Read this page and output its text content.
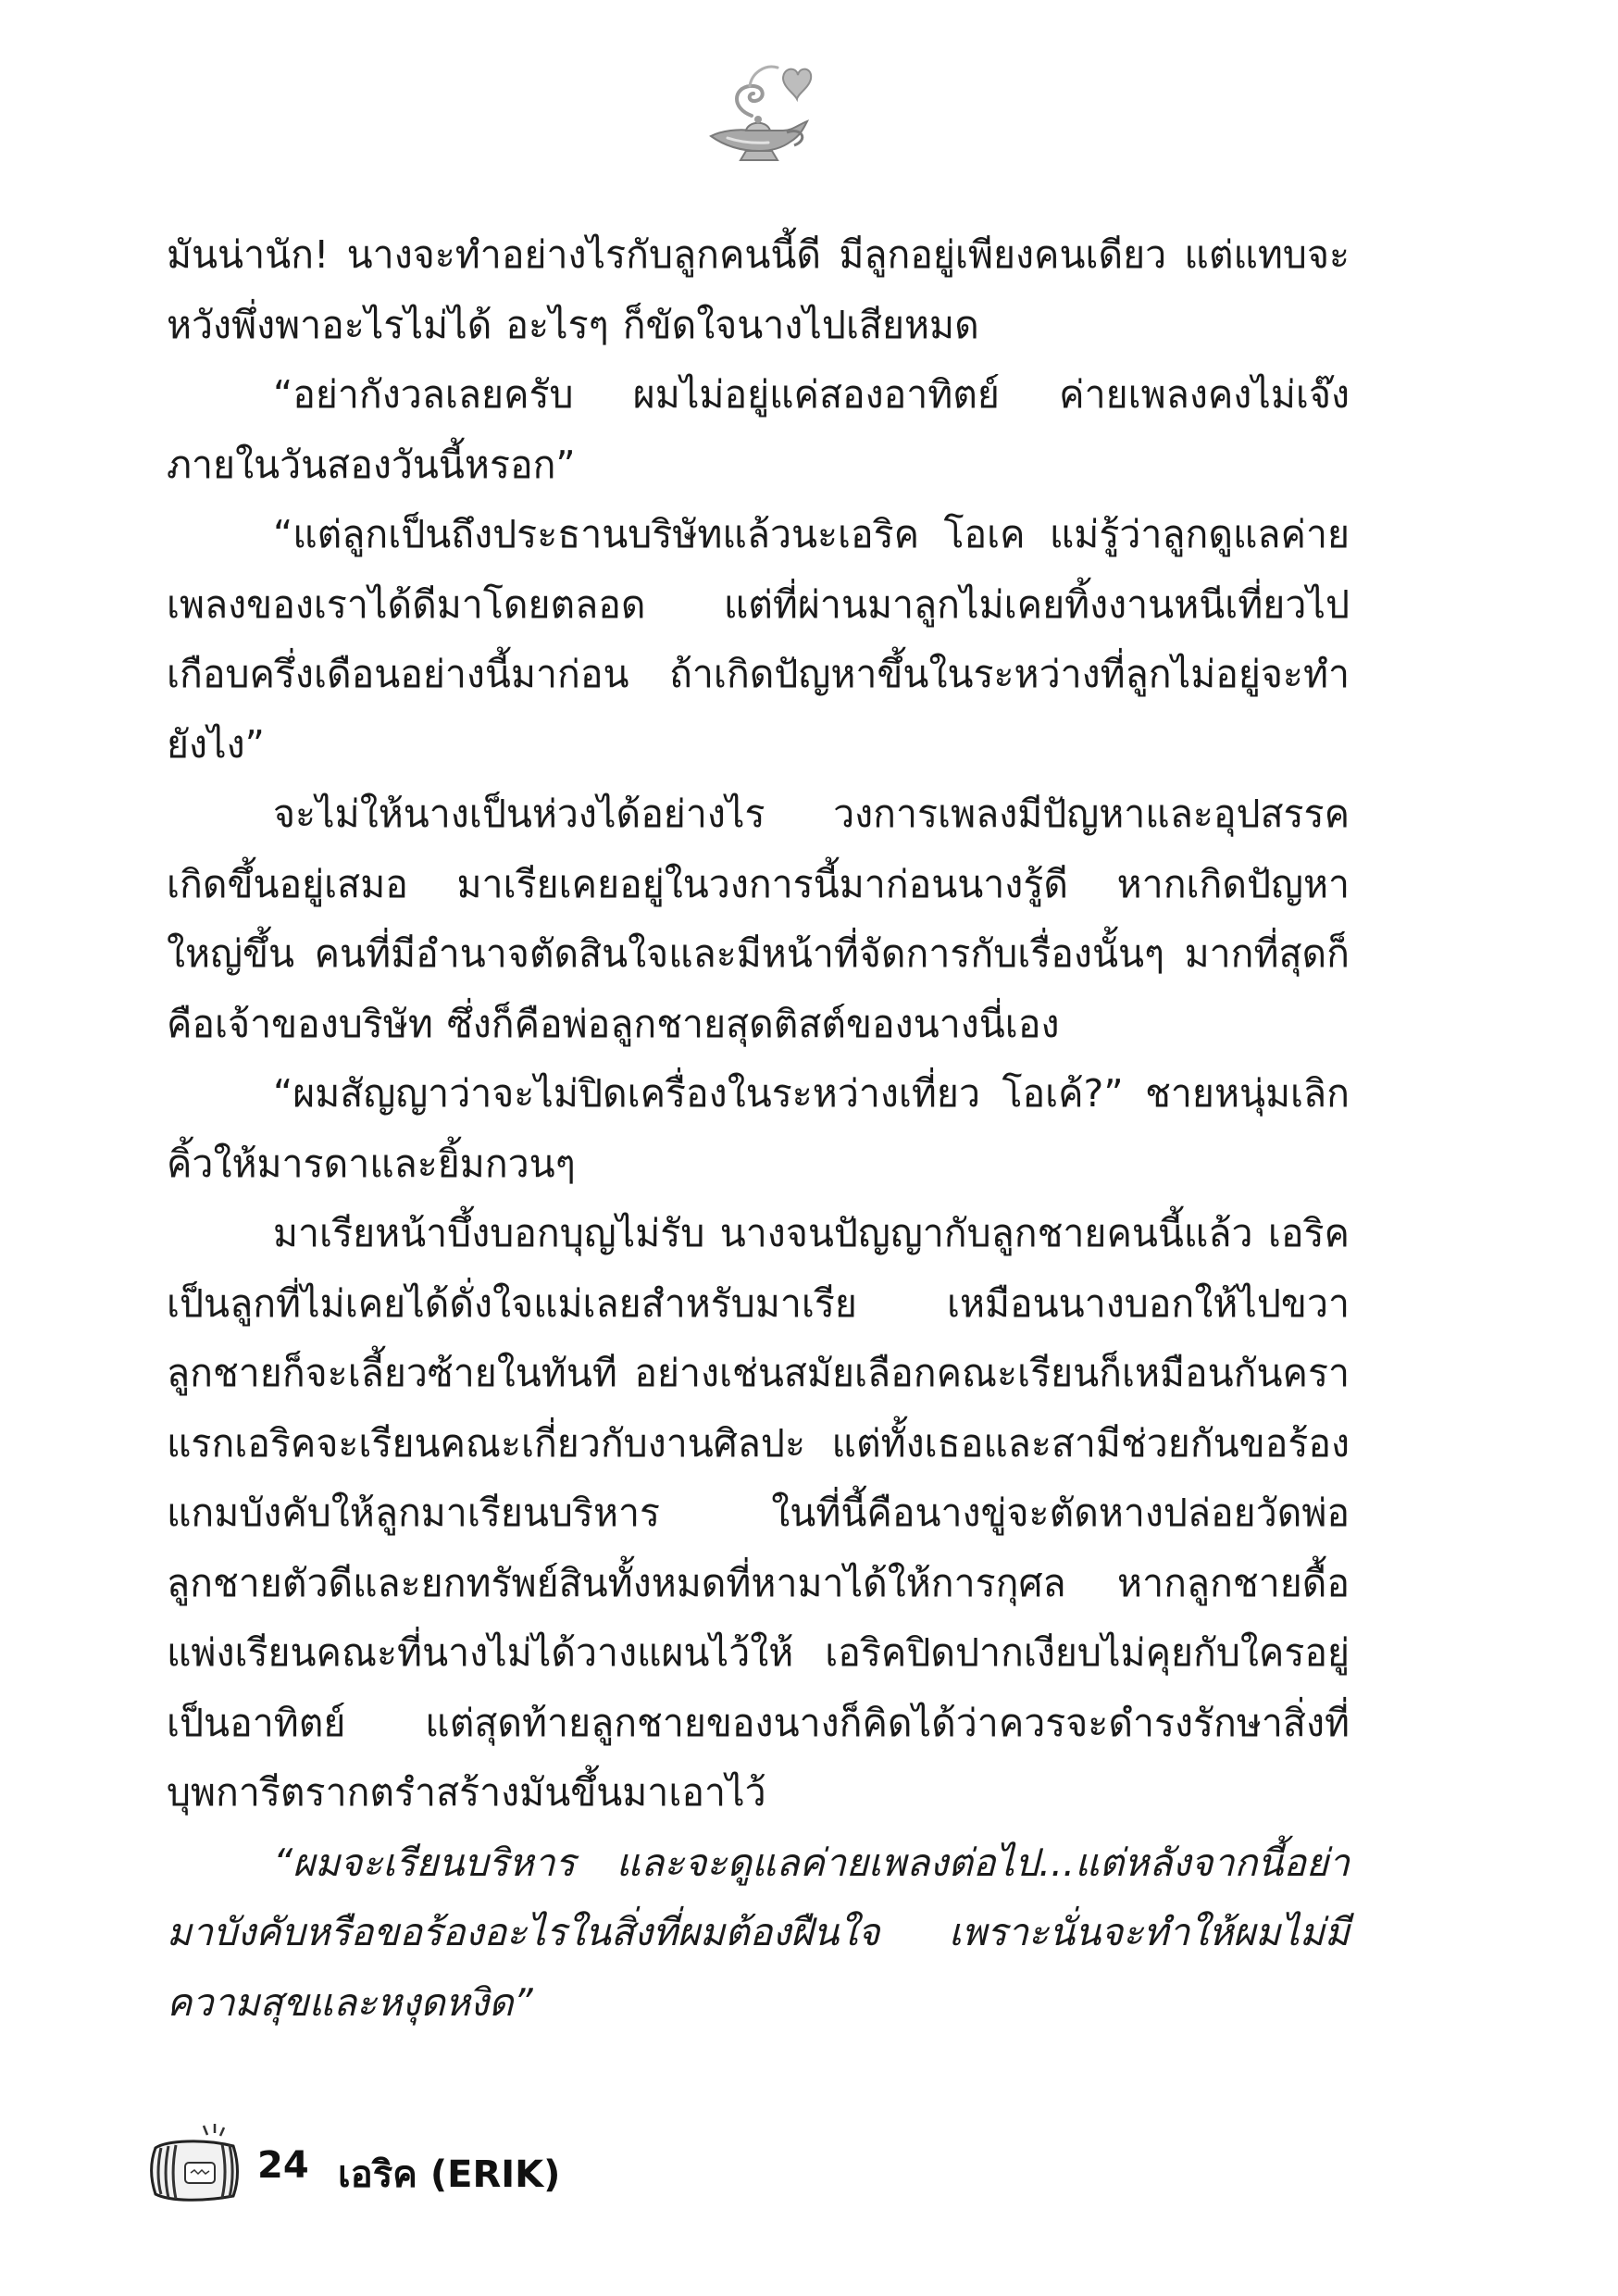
มันน่านัก! นางจะทำอย่างไรกับลูกคนนี้ดี มีลูกอยู่เพียงคนเดียว แต่แทบจะหวังพึ่งพาอะไรไม่ได้ อะไรๆ ก็ขัดใจนางไปเสียหมด

“อย่ากังวลเลยครับ ผมไม่อยู่แค่สองอาทิตย์ ค่ายเพลงคงไม่เจ๊งภายในวันสองวันนี้หรอก”

“แต่ลูกเป็นถึงประธานบริษัทแล้วนะเอริค โอเค แม่รู้ว่าลูกดูแลค่ายเพลงของเราได้ดีมาโดยตลอด แต่ที่ผ่านมาลูกไม่เคยทิ้งงานหนีเที่ยวไปเกือบครึ่งเดือนอย่างนี้มาก่อน ถ้าเกิดปัญหาขึ้นในระหว่างที่ลูกไม่อยู่จะทำยังไง”

จะไม่ให้นางเป็นห่วงได้อย่างไร วงการเพลงมีปัญหาและอุปสรรคเกิดขึ้นอยู่เสมอ มาเรียเคยอยู่ในวงการนี้มาก่อนนางรู้ดี หากเกิดปัญหาใหญ่ขึ้น คนที่มีอำนาจตัดสินใจและมีหน้าที่จัดการกับเรื่องนั้นๆ มากที่สุดก็คือเจ้าของบริษัท ซึ่งก็คือพ่อลูกชายสุดติสต์ของนางนี่เอง

“ผมสัญญาว่าจะไม่ปิดเครื่องในระหว่างเที่ยว โอเค้?” ชายหนุ่มเลิกคิ้วให้มารดาและยิ้มกวนๆ

มาเรียหน้าบึ้งบอกบุญไม่รับ นางจนปัญญากับลูกชายคนนี้แล้ว เอริคเป็นลูกที่ไม่เคยได้ดั่งใจแม่เลยสำหรับมาเรีย เหมือนนางบอกให้ไปขวาลูกชายก็จะเลี้ยวซ้ายในทันที อย่างเช่นสมัยเลือกคณะเรียนก็เหมือนกันคราแรกเอริคจะเรียนคณะเกี่ยวกับงานศิลปะ แต่ทั้งเธอและสามีช่วยกันขอร้องแกมบังคับให้ลูกมาเรียนบริหาร ในที่นี้คือนางขู่จะตัดหางปล่อยวัดพ่อลูกชายตัวดีและยกทรัพย์สินทั้งหมดที่หามาได้ให้การกุศล หากลูกชายดื้อแพ่งเรียนคณะที่นางไม่ได้วางแผนไว้ให้ เอริคปิดปากเงียบไม่คุยกับใครอยู่เป็นอาทิตย์ แต่สุดท้ายลูกชายของนางก็คิดได้ว่าควรจะดำรงรักษาสิ่งที่บุพการีตรากตรำสร้างมันขึ้นมาเอาไว้

“ผมจะเรียนบริหาร และจะดูแลค่ายเพลงต่อไป...แต่หลังจากนี้อย่ามาบังคับหรือขอร้องอะไรในสิ่งที่ผมต้องฝืนใจ เพราะนั่นจะทำให้ผมไม่มีความสุขและหงุดหงิด”

24 เอริค (ERIK)
